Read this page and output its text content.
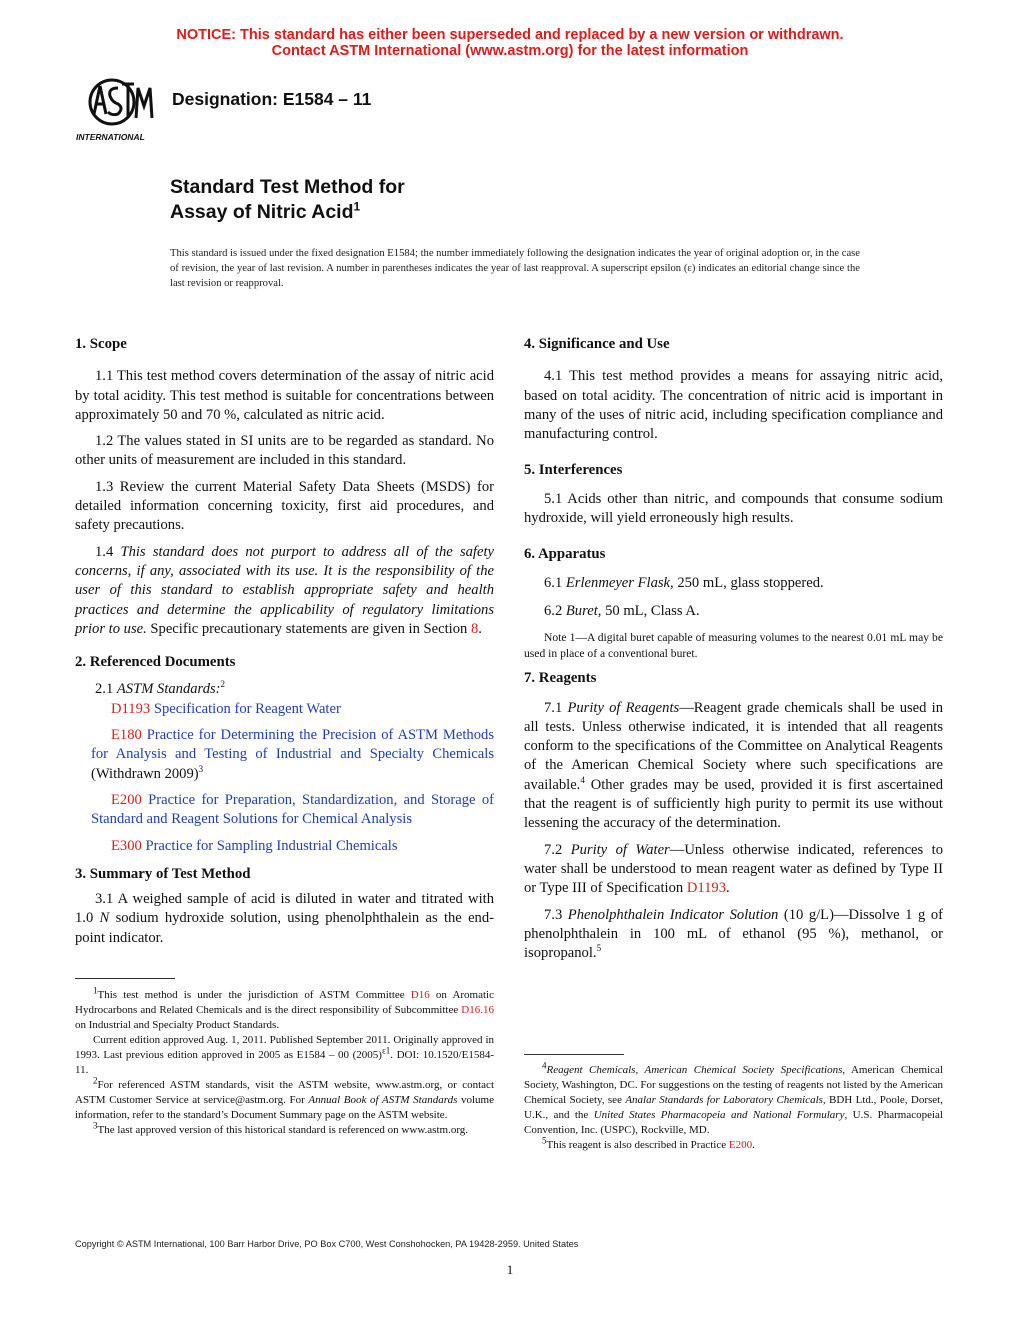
NOTICE: This standard has either been superseded and replaced by a new version or withdrawn.
Contact ASTM International (www.astm.org) for the latest information
INTERNATIONAL
Designation: E1584 – 11
Standard Test Method for
Assay of Nitric Acid$^1$
This standard is issued under the fixed designation E1584; the number immediately following the designation indicates the year of original adoption or, in the case of revision, the year of last revision. A number in parentheses indicates the year of last reapproval. A superscript epsilon (ε) indicates an editorial change since the last revision or reapproval.
1. Scope

1.1 This test method covers determination of the assay of nitric acid by total acidity. This test method is suitable for concentrations between approximately 50 and 70 %, calculated as nitric acid.

1.2 The values stated in SI units are to be regarded as standard. No other units of measurement are included in this standard.

1.3 Review the current Material Safety Data Sheets (MSDS) for detailed information concerning toxicity, first aid procedures, and safety precautions.

1.4 This standard does not purport to address all of the safety concerns, if any, associated with its use. It is the responsibility of the user of this standard to establish appropriate safety and health practices and determine the applicability of regulatory limitations prior to use. Specific precautionary statements are given in Section 8.

2. Referenced Documents

2.1 ASTM Standards:$^2$

D1193 Specification for Reagent Water

E180 Practice for Determining the Precision of ASTM Methods for Analysis and Testing of Industrial and Specialty Chemicals (Withdrawn 2009)$^3$

E200 Practice for Preparation, Standardization, and Storage of Standard and Reagent Solutions for Chemical Analysis

E300 Practice for Sampling Industrial Chemicals

3. Summary of Test Method

3.1 A weighed sample of acid is diluted in water and titrated with 1.0 N sodium hydroxide solution, using phenolphthalein as the end-point indicator.

$^1$This test method is under the jurisdiction of ASTM Committee D16 on Aromatic Hydrocarbons and Related Chemicals and is the direct responsibility of Subcommittee D16.16 on Industrial and Specialty Product Standards.

Current edition approved Aug. 1, 2011. Published September 2011. Originally approved in 1993. Last previous edition approved in 2005 as E1584 – 00 $(2005)^{\varepsilon 1}$. DOI: 10.1520/E1584-11.

$^2$For referenced ASTM standards, visit the ASTM website, www.astm.org, or contact ASTM Customer Service at service@astm.org. For Annual Book of ASTM Standards volume information, refer to the standard’s Document Summary page on the ASTM website.

$^3$The last approved version of this historical standard is referenced on www.astm.org.

4. Significance and Use

4.1 This test method provides a means for assaying nitric acid, based on total acidity. The concentration of nitric acid is important in many of the uses of nitric acid, including specification compliance and manufacturing control.

5. Interferences

5.1 Acids other than nitric, and compounds that consume sodium hydroxide, will yield erroneously high results.

6. Apparatus

6.1 Erlenmeyer Flask, 250 mL, glass stoppered.

6.2 Buret, 50 mL, Class A.

Note 1—A digital buret capable of measuring volumes to the nearest 0.01 mL may be used in place of a conventional buret.

7. Reagents

7.1 Purity of Reagents—Reagent grade chemicals shall be used in all tests. Unless otherwise indicated, it is intended that all reagents conform to the specifications of the Committee on Analytical Reagents of the American Chemical Society where such specifications are available.$^4$ Other grades may be used, provided it is first ascertained that the reagent is of sufficiently high purity to permit its use without lessening the accuracy of the determination.

7.2 Purity of Water—Unless otherwise indicated, references to water shall be understood to mean reagent water as defined by Type II or Type III of Specification D1193.

7.3 Phenolphthalein Indicator Solution (10 g/L)—Dissolve 1 g of phenolphthalein in 100 mL of ethanol (95 %), methanol, or isopropanol.$^5$

$^4$Reagent Chemicals, American Chemical Society Specifications, American Chemical Society, Washington, DC. For suggestions on the testing of reagents not listed by the American Chemical Society, see Analar Standards for Laboratory Chemicals, BDH Ltd., Poole, Dorset, U.K., and the United States Pharmacopeia and National Formulary, U.S. Pharmacopeial Convention, Inc. (USPC), Rockville, MD.

$^5$This reagent is also described in Practice E200.

Copyright © ASTM International, 100 Barr Harbor Drive, PO Box C700, West Conshohocken, PA 19428-2959. United States
1
